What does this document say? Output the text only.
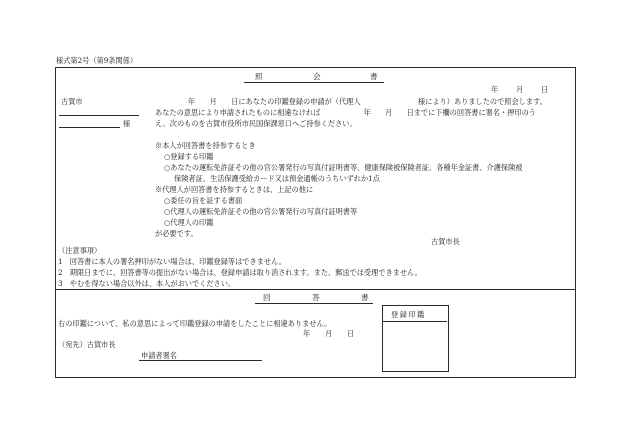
様式第2号（第9条関係）
照	会	書
年 月 日
古賀市
様
年　　月　　日にあなたの印鑑登録の申請が（代理人　　　　　　　　様により）ありましたので照会します。
あなたの意思により申請されたものに相違なければ　　　　　　年　　月　　日までに下欄の回答書に署名・押印のう
え、次のものを古賀市役所市民国保課窓口へご持参ください。
※本人が回答書を持参するとき
○登録する印鑑
○あなたの運転免許証その他の官公署発行の写真付証明書等、健康保険被保険者証、各種年金証書、介護保険被
保険者証、生活保護受給カード又は預金通帳のうちいずれか1点
※代理人が回答書を持参するときは、上記の他に
○委任の旨を証する書面
○代理人の運転免許証その他の官公署発行の写真付証明書等
○代理人の印鑑
が必要です。
古賀市長
（注意事項）
1　回答書に本人の署名押印がない場合は、印鑑登録等はできません。
2　期限日までに、回答書等の提出がない場合は、登録申請は取り消されます。また、郵送では受理できません。
3　やむを得ない場合以外は、本人がおいでください。
回	答	書
登録印鑑
右の印鑑について、私の意思によって印鑑登録の申請をしたことに相違ありません。
年 月 日
（宛先）古賀市長
申請者署名
